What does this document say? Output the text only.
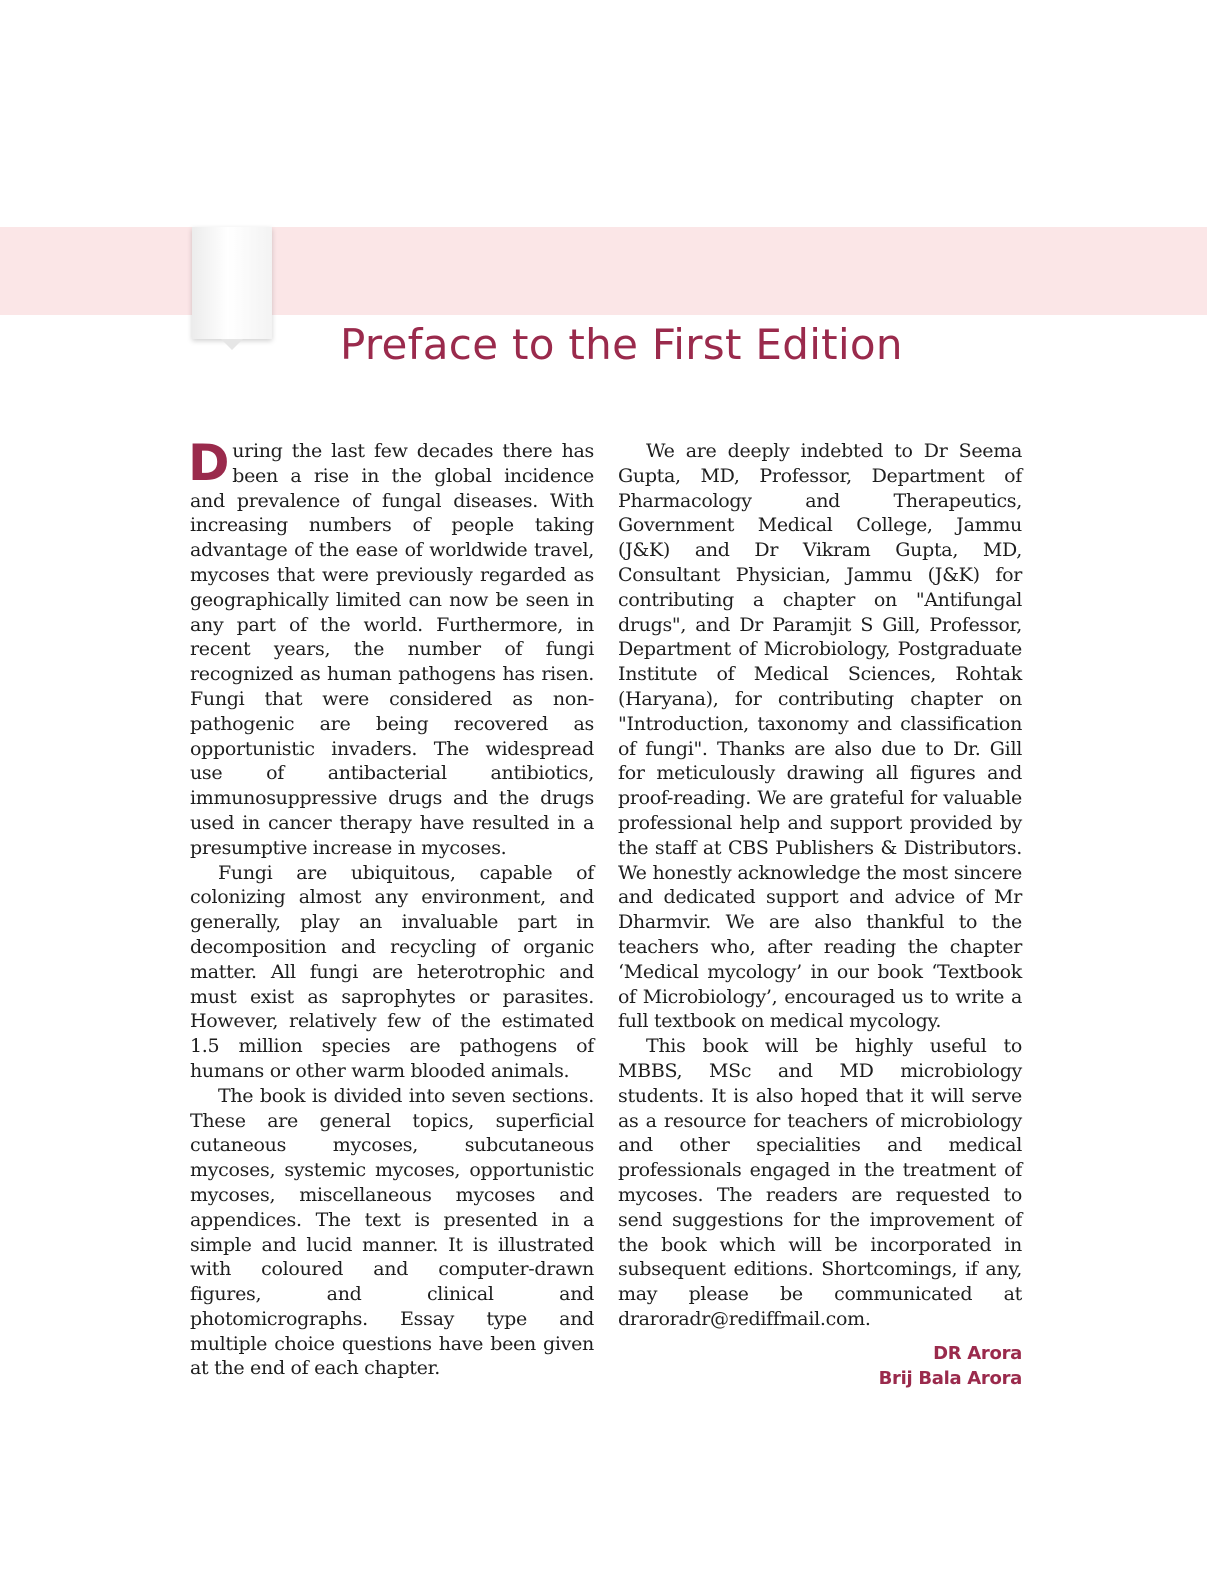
Preface to the First Edition

During the last few decades there has been a rise in the global incidence and prevalence of fungal diseases. With increasing numbers of people taking advantage of the ease of worldwide travel, mycoses that were previously regarded as geographically limited can now be seen in any part of the world. Furthermore, in recent years, the number of fungi recognized as human pathogens has risen. Fungi that were considered as non-pathogenic are being recovered as opportunistic invaders. The widespread use of antibacterial antibiotics, immunosuppressive drugs and the drugs used in cancer therapy have resulted in a presumptive increase in mycoses.

Fungi are ubiquitous, capable of colonizing almost any environment, and generally, play an invaluable part in decomposition and recycling of organic matter. All fungi are heterotrophic and must exist as saprophytes or parasites. However, relatively few of the estimated 1.5 million species are pathogens of humans or other warm blooded animals.

The book is divided into seven sections. These are general topics, superficial cutaneous mycoses, subcutaneous mycoses, systemic mycoses, opportunistic mycoses, miscellaneous mycoses and appendices. The text is presented in a simple and lucid manner. It is illustrated with coloured and computer-drawn figures, and clinical and photomicrographs. Essay type and multiple choice questions have been given at the end of each chapter.

We are deeply indebted to Dr Seema Gupta, MD, Professor, Department of Pharmacology and Therapeutics, Government Medical College, Jammu (J&K) and Dr Vikram Gupta, MD, Consultant Physician, Jammu (J&K) for contributing a chapter on "Antifungal drugs", and Dr Paramjit S Gill, Professor, Department of Microbiology, Postgraduate Institute of Medical Sciences, Rohtak (Haryana), for contributing chapter on "Introduction, taxonomy and classification of fungi". Thanks are also due to Dr. Gill for meticulously drawing all figures and proof-reading. We are grateful for valuable professional help and support provided by the staff at CBS Publishers & Distributors. We honestly acknowledge the most sincere and dedicated support and advice of Mr Dharmvir. We are also thankful to the teachers who, after reading the chapter ‘Medical mycology’ in our book ‘Textbook of Microbiology’, encouraged us to write a full textbook on medical mycology.

This book will be highly useful to MBBS, MSc and MD microbiology students. It is also hoped that it will serve as a resource for teachers of microbiology and other specialities and medical professionals engaged in the treatment of mycoses. The readers are requested to send suggestions for the improvement of the book which will be incorporated in subsequent editions. Shortcomings, if any, may please be communicated at draroradr@rediffmail.com.

DR Arora
Brij Bala Arora
